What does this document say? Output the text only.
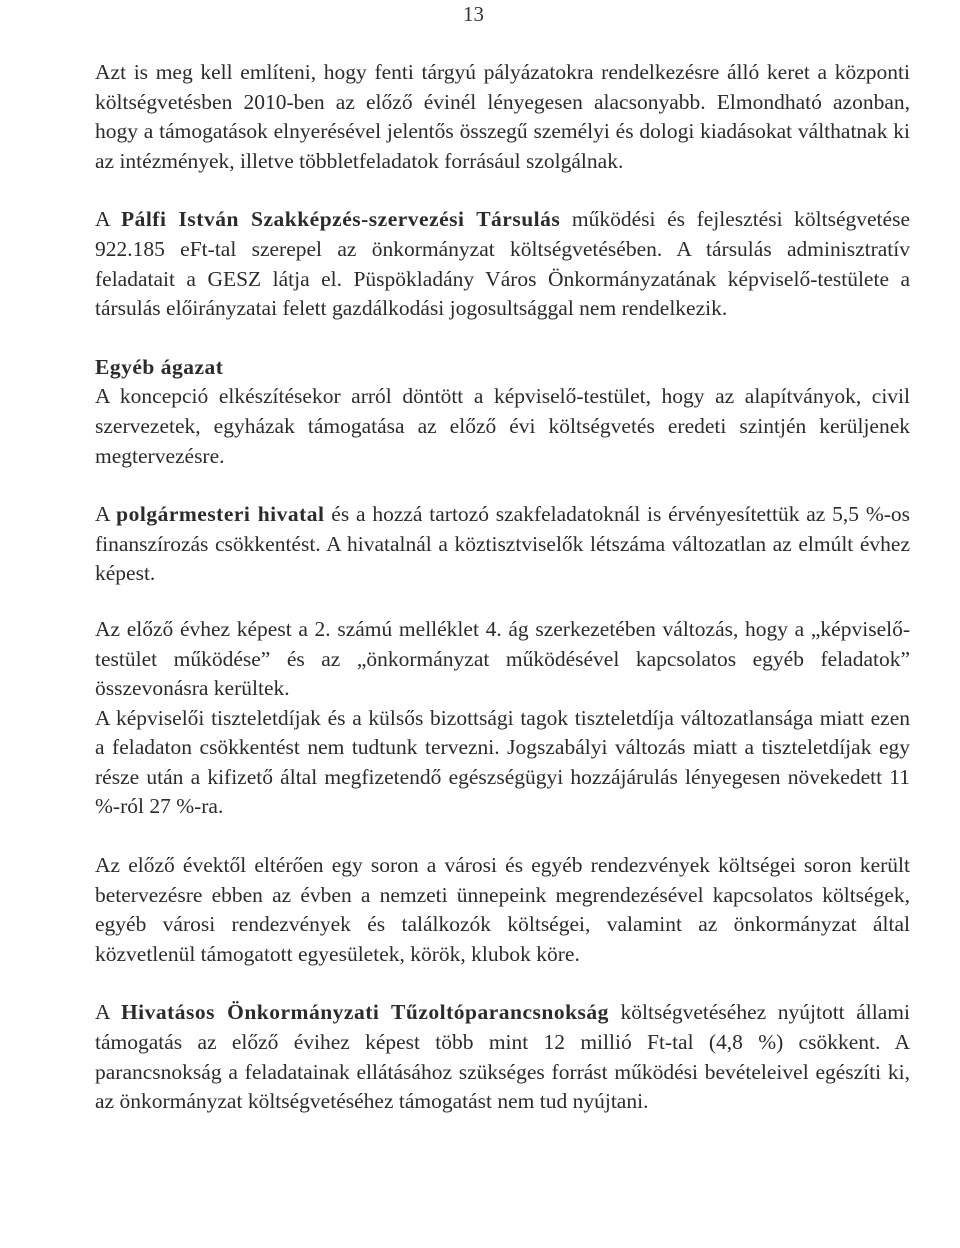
13

Azt is meg kell említeni, hogy fenti tárgyú pályázatokra rendelkezésre álló keret a központi költségvetésben 2010-ben az előző évinél lényegesen alacsonyabb. Elmondható azonban, hogy a támogatások elnyerésével jelentős összegű személyi és dologi kiadásokat válthatnak ki az intézmények, illetve többletfeladatok forrásául szolgálnak.

A Pálfi István Szakképzés-szervezési Társulás működési és fejlesztési költségvetése 922.185 eFt-tal szerepel az önkormányzat költségvetésében. A társulás adminisztratív feladatait a GESZ látja el. Püspökladány Város Önkormányzatának képviselő-testülete a társulás előirányzatai felett gazdálkodási jogosultsággal nem rendelkezik.

Egyéb ágazat

A koncepció elkészítésekor arról döntött a képviselő-testület, hogy az alapítványok, civil szervezetek, egyházak támogatása az előző évi költségvetés eredeti szintjén kerüljenek megtervezésre.

A polgármesteri hivatal és a hozzá tartozó szakfeladatoknál is érvényesítettük az 5,5 %-os finanszírozás csökkentést. A hivatalnál a köztisztviselők létszáma változatlan az elmúlt évhez képest.

Az előző évhez képest a 2. számú melléklet 4. ág szerkezetében változás, hogy a „képviselő-testület működése” és az „önkormányzat működésével kapcsolatos egyéb feladatok” összevonásra kerültek.

A képviselői tiszteletdíjak és a külsős bizottsági tagok tiszteletdíja változatlansága miatt ezen a feladaton csökkentést nem tudtunk tervezni. Jogszabályi változás miatt a tiszteletdíjak egy része után a kifizető által megfizetendő egészségügyi hozzájárulás lényegesen növekedett 11 %-ról 27 %-ra.

Az előző évektől eltérően egy soron a városi és egyéb rendezvények költségei soron került betervezésre ebben az évben a nemzeti ünnepeink megrendezésével kapcsolatos költségek, egyéb városi rendezvények és találkozók költségei, valamint az önkormányzat által közvetlenül támogatott egyesületek, körök, klubok köre.

A Hivatásos Önkormányzati Tűzoltóparancsnokság költségvetéséhez nyújtott állami támogatás az előző évihez képest több mint 12 millió Ft-tal (4,8 %) csökkent. A parancsnokság a feladatainak ellátásához szükséges forrást működési bevételeivel egészíti ki, az önkormányzat költségvetéséhez támogatást nem tud nyújtani.
